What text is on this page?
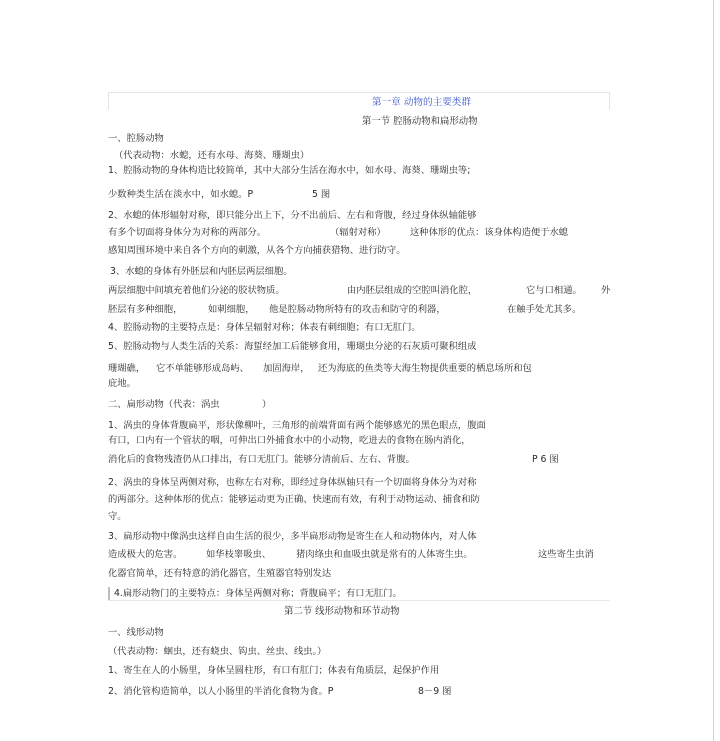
第一章 动物的主要类群
第一节 腔肠动物和扁形动物
一、腔肠动物
（代表动物：水螅，还有水母、海葵、珊瑚虫）
1、腔肠动物的身体构造比较简单，其中大部分生活在海水中，如水母、海葵、珊瑚虫等;
少数种类生活在淡水中，如水螅。P	5 图
2、水螅的体形辐射对称，即只能分出上下，分不出前后、左右和背腹，经过身体纵轴能够
有多个切面将身体分为对称的两部分。	（辐射对称）	这种体形的优点：该身体构造便于水螅
感知周围环境中来自各个方向的刺激，从各个方向捕获猎物、进行防守。
3、水螅的身体有外胚层和内胚层两层细胞。
两层细胞中间填充着他们分泌的胶状物质。	由内胚层组成的空腔叫消化腔，	它与口相通。 外
胚层有多种细胞，	如刺细胞， 他是腔肠动物所特有的攻击和防守的利器，	在触手处尤其多。
4、腔肠动物的主要特点是：身体呈辐射对称；体表有刺细胞；有口无肛门。
5、腔肠动物与人类生活的关系：海蜇经加工后能够食用，珊瑚虫分泌的石灰质可聚积组成
珊瑚礁， 它不单能够形成岛屿、 加固海岸， 还为海底的鱼类等大海生物提供重要的栖息场所和包
庇地。
二、扁形动物（代表：涡虫	）
1、涡虫的身体背腹扁平，形状像柳叶，三角形的前端背面有两个能够感光的黑色眼点，腹面
有口，口内有一个管状的咽，可伸出口外捕食水中的小动物，吃进去的食物在肠内消化，
消化后的食物残渣仍从口排出，有口无肛门。能够分清前后、左右、背腹。	P 6 图
2、涡虫的身体呈两侧对称，也称左右对称，即经过身体纵轴只有一个切面将身体分为对称
的两部分。这种体形的优点：能够运动更为正确、快速而有效，有利于动物运动、捕食和防
守。
3、扁形动物中像涡虫这样自由生活的很少，多半扁形动物是寄生在人和动物体内，对人体
造成极大的危害。	如华枝睾吸虫、	猪肉绦虫和血吸虫就是常有的人体寄生虫。	这些寄生虫消
化器官简单，还有特意的消化器官，生殖器官特别发达
4.扁形动物门的主要特点：身体呈两侧对称；背腹扁平；有口无肛门。
第二节 线形动物和环节动物
一、线形动物
（代表动物：蛔虫，还有蛲虫、钩虫、丝虫、线虫。）
1、寄生在人的小肠里，身体呈圆柱形，有口有肛门；体表有角质层，起保护作用
2、消化管构造简单，以人小肠里的半消化食物为食。P	8－9 图
